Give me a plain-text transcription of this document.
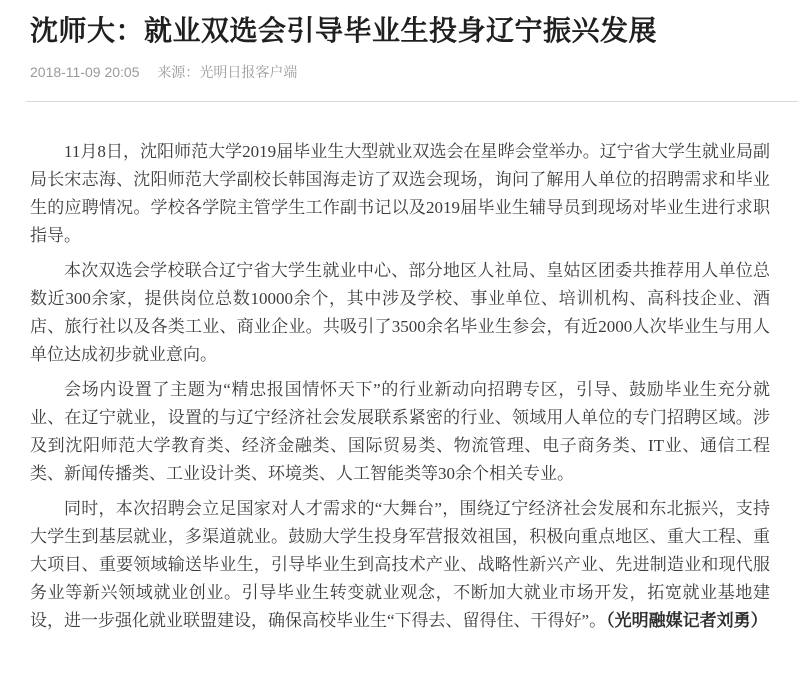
沈师大：就业双选会引导毕业生投身辽宁振兴发展
2018-11-09 20:05 来源：光明日报客户端

11月8日，沈阳师范大学2019届毕业生大型就业双选会在星晔会堂举办。辽宁省大学生就业局副局长宋志海、沈阳师范大学副校长韩国海走访了双选会现场，询问了解用人单位的招聘需求和毕业生的应聘情况。学校各学院主管学生工作副书记以及2019届毕业生辅导员到现场对毕业生进行求职指导。

本次双选会学校联合辽宁省大学生就业中心、部分地区人社局、皇姑区团委共推荐用人单位总数近300余家，提供岗位总数10000余个，其中涉及学校、事业单位、培训机构、高科技企业、酒店、旅行社以及各类工业、商业企业。共吸引了3500余名毕业生参会，有近2000人次毕业生与用人单位达成初步就业意向。

会场内设置了主题为“精忠报国情怀天下”的行业新动向招聘专区，引导、鼓励毕业生充分就业、在辽宁就业，设置的与辽宁经济社会发展联系紧密的行业、领域用人单位的专门招聘区域。涉及到沈阳师范大学教育类、经济金融类、国际贸易类、物流管理、电子商务类、IT业、通信工程类、新闻传播类、工业设计类、环境类、人工智能类等30余个相关专业。

同时，本次招聘会立足国家对人才需求的“大舞台”，围绕辽宁经济社会发展和东北振兴，支持大学生到基层就业，多渠道就业。鼓励大学生投身军营报效祖国，积极向重点地区、重大工程、重大项目、重要领域输送毕业生，引导毕业生到高技术产业、战略性新兴产业、先进制造业和现代服务业等新兴领域就业创业。引导毕业生转变就业观念，不断加大就业市场开发，拓宽就业基地建设，进一步强化就业联盟建设，确保高校毕业生“下得去、留得住、干得好”。（光明融媒记者刘勇）
